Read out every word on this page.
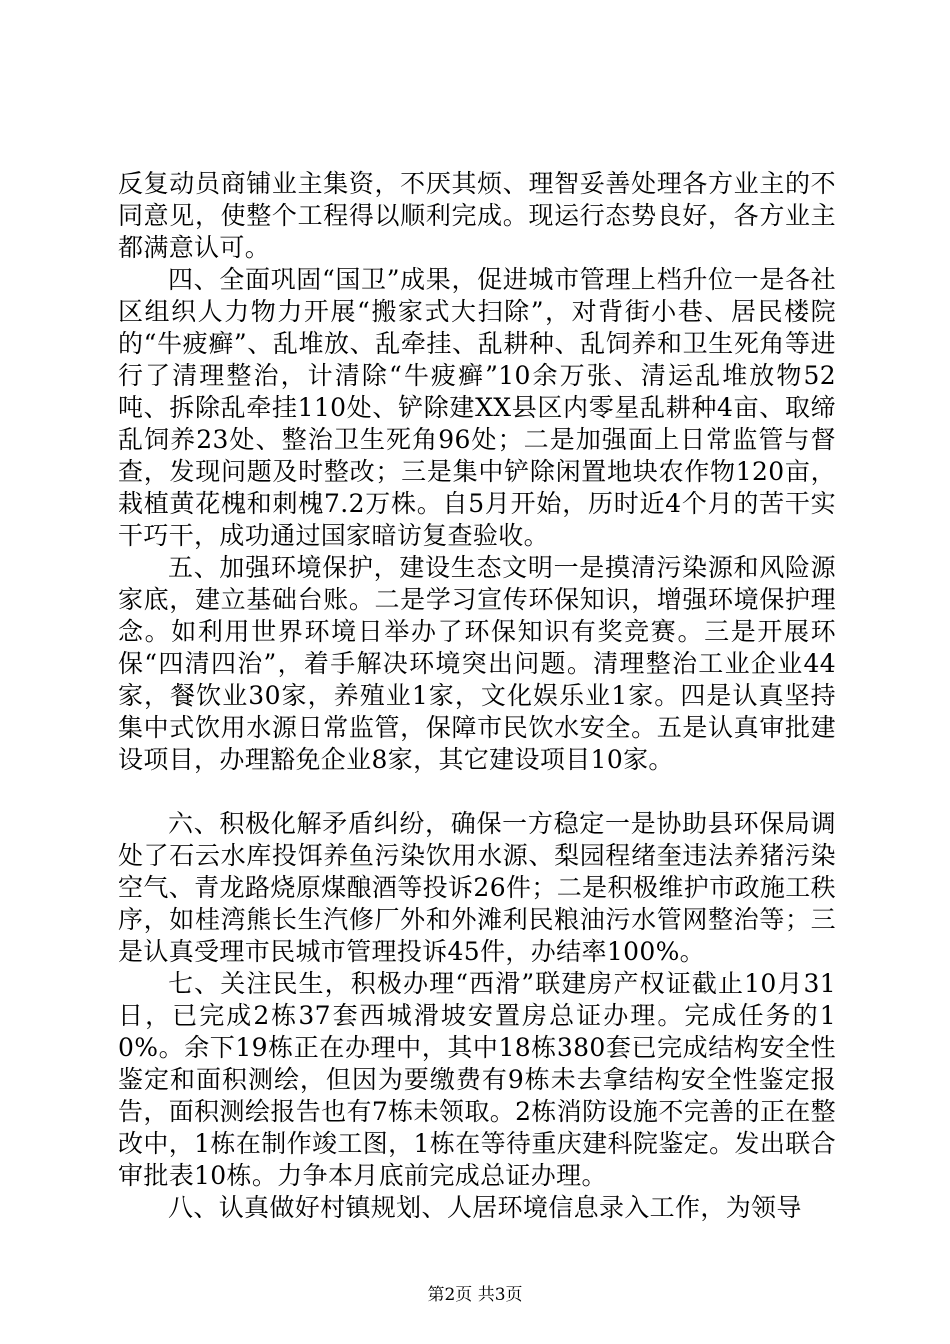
反复动员商铺业主集资，不厌其烦、理智妥善处理各方业主的不同意见，使整个工程得以顺利完成。现运行态势良好，各方业主都满意认可。

四、全面巩固“国卫”成果，促进城市管理上档升位一是各社区组织人力物力开展“搬家式大扫除”，对背街小巷、居民楼院的“牛疲癣”、乱堆放、乱牵挂、乱耕种、乱饲养和卫生死角等进行了清理整治，计清除“牛疲癣”10余万张、清运乱堆放物52吨、拆除乱牵挂110处、铲除建XX县区内零星乱耕种4亩、取缔乱饲养23处、整治卫生死角96处；二是加强面上日常监管与督查，发现问题及时整改；三是集中铲除闲置地块农作物120亩，栽植黄花槐和刺槐7.2万株。自5月开始，历时近4个月的苦干实干巧干，成功通过国家暗访复查验收。

五、加强环境保护，建设生态文明一是摸清污染源和风险源家底，建立基础台账。二是学习宣传环保知识，增强环境保护理念。如利用世界环境日举办了环保知识有奖竞赛。三是开展环保“四清四治”，着手解决环境突出问题。清理整治工业企业44家，餐饮业30家，养殖业1家，文化娱乐业1家。四是认真坚持集中式饮用水源日常监管，保障市民饮水安全。五是认真审批建设项目，办理豁免企业8家，其它建设项目10家。

六、积极化解矛盾纠纷，确保一方稳定一是协助县环保局调处了石云水库投饵养鱼污染饮用水源、梨园程绪奎违法养猪污染空气、青龙路烧原煤酿酒等投诉26件；二是积极维护市政施工秩序，如桂湾熊长生汽修厂外和外滩利民粮油污水管网整治等；三是认真受理市民城市管理投诉45件，办结率100%。

七、关注民生，积极办理“西滑”联建房产权证截止10月31日，已完成2栋37套西城滑坡安置房总证办理。完成任务的10%。余下19栋正在办理中，其中18栋380套已完成结构安全性鉴定和面积测绘，但因为要缴费有9栋未去拿结构安全性鉴定报告，面积测绘报告也有7栋未领取。2栋消防设施不完善的正在整改中，1栋在制作竣工图，1栋在等待重庆建科院鉴定。发出联合审批表10栋。力争本月底前完成总证办理。

八、认真做好村镇规划、人居环境信息录入工作，为领导

第2页 共3页
